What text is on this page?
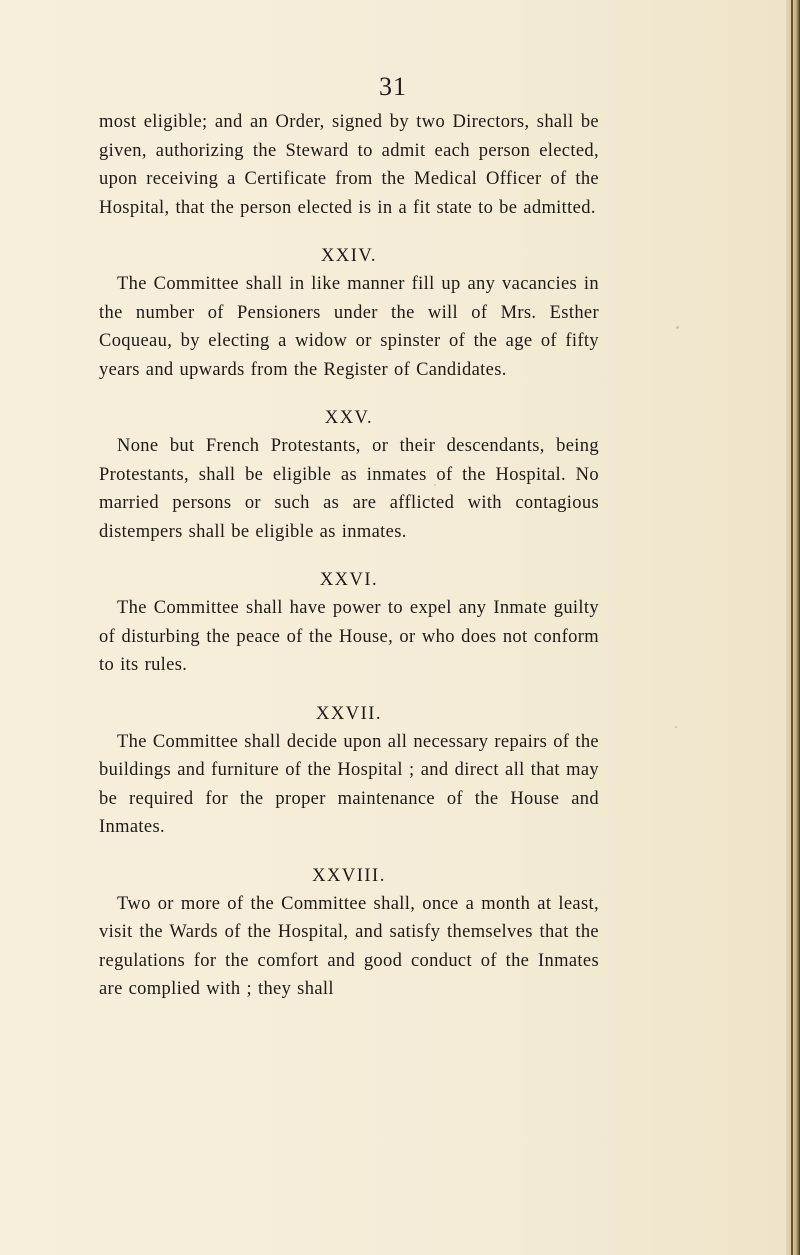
31

most eligible; and an Order, signed by two Directors, shall be given, authorizing the Steward to admit each person elected, upon receiving a Certificate from the Medical Officer of the Hospital, that the person elected is in a fit state to be admitted.

XXIV.

The Committee shall in like manner fill up any vacancies in the number of Pensioners under the will of Mrs. Esther Coqueau, by electing a widow or spinster of the age of fifty years and upwards from the Register of Candidates.

XXV.

None but French Protestants, or their descendants, being Protestants, shall be eligible as inmates of the Hospital. No married persons or such as are afflicted with contagious distempers shall be eligible as inmates.

XXVI.

The Committee shall have power to expel any Inmate guilty of disturbing the peace of the House, or who does not conform to its rules.

XXVII.

The Committee shall decide upon all necessary repairs of the buildings and furniture of the Hospital ; and direct all that may be required for the proper maintenance of the House and Inmates.

XXVIII.

Two or more of the Committee shall, once a month at least, visit the Wards of the Hospital, and satisfy themselves that the regulations for the comfort and good conduct of the Inmates are complied with ; they shall
